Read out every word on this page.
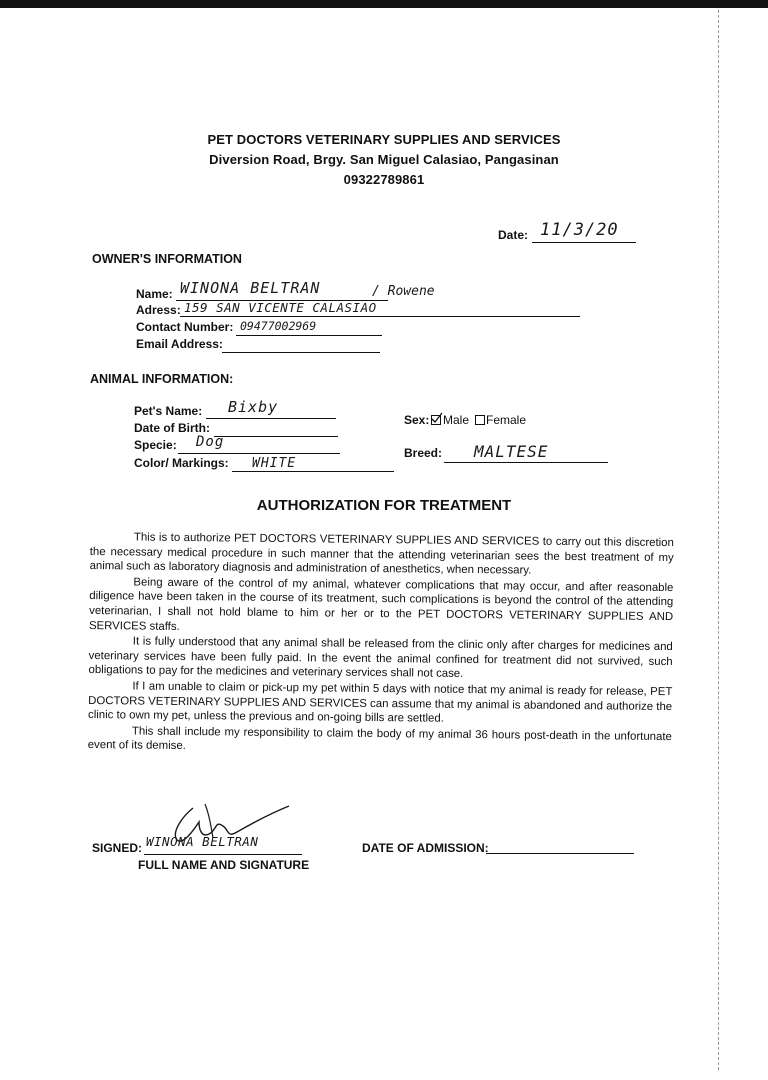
PET DOCTORS VETERINARY SUPPLIES AND SERVICES
Diversion Road, Brgy. San Miguel Calasiao, Pangasinan
09322789861
Date: 11/3/20
OWNER'S INFORMATION
Name: WINONA BELTRAN	/ Rowene
Adress: 159 SAN VICENTE CALASIAO
Contact Number: 09477002969
Email Address:
ANIMAL INFORMATION:
Pet's Name: Bixby
Date of Birth:
Specie: Dog
Color/ Markings: WHITE
Sex: Male Female
Breed: MALTESE
AUTHORIZATION FOR TREATMENT

This is to authorize PET DOCTORS VETERINARY SUPPLIES AND SERVICES to carry out this discretion the necessary medical procedure in such manner that the attending veterinarian sees the best treatment of my animal such as laboratory diagnosis and administration of anesthetics, when necessary.

Being aware of the control of my animal, whatever complications that may occur, and after reasonable diligence have been taken in the course of its treatment, such complications is beyond the control of the attending veterinarian, I shall not hold blame to him or her or to the PET DOCTORS VETERINARY SUPPLIES AND SERVICES staffs.

It is fully understood that any animal shall be released from the clinic only after charges for medicines and veterinary services have been fully paid. In the event the animal confined for treatment did not survived, such obligations to pay for the medicines and veterinary services shall not case.

If I am unable to claim or pick-up my pet within 5 days with notice that my animal is ready for release, PET DOCTORS VETERINARY SUPPLIES AND SERVICES can assume that my animal is abandoned and authorize the clinic to own my pet, unless the previous and on-going bills are settled.

This shall include my responsibility to claim the body of my animal 36 hours post-death in the unfortunate event of its demise.

SIGNED: WINONA BELTRAN
FULL NAME AND SIGNATURE
DATE OF ADMISSION:
